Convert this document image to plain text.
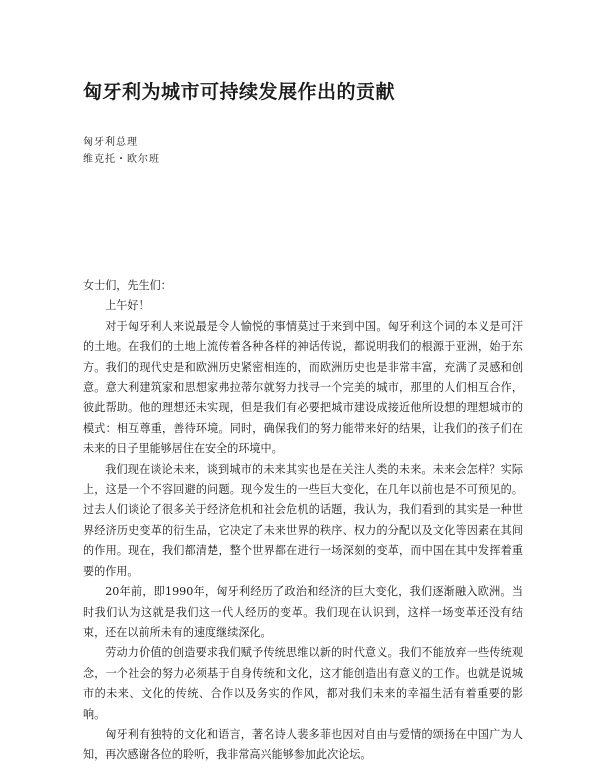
匈牙利为城市可持续发展作出的贡献
匈牙利总理
维克托・欧尔班

女士们，先生们：

上午好！

对于匈牙利人来说最是令人愉悦的事情莫过于来到中国。匈牙利这个词的本义是可汗的土地。在我们的土地上流传着各种各样的神话传说，都说明我们的根源于亚洲，始于东方。我们的现代史是和欧洲历史紧密相连的，而欧洲历史也是非常丰富，充满了灵感和创意。意大利建筑家和思想家弗拉蒂尔就努力找寻一个完美的城市，那里的人们相互合作，彼此帮助。他的理想还未实现，但是我们有必要把城市建设成接近他所设想的理想城市的模式：相互尊重，善待环境。同时，确保我们的努力能带来好的结果，让我们的孩子们在未来的日子里能够居住在安全的环境中。

我们现在谈论未来，谈到城市的未来其实也是在关注人类的未来。未来会怎样？实际上，这是一个不容回避的问题。现今发生的一些巨大变化，在几年以前也是不可预见的。过去人们谈论了很多关于经济危机和社会危机的话题，我认为，我们看到的其实是一种世界经济历史变革的衍生品，它决定了未来世界的秩序、权力的分配以及文化等因素在其间的作用。现在，我们都清楚，整个世界都在进行一场深刻的变革，而中国在其中发挥着重要的作用。

20年前，即1990年，匈牙利经历了政治和经济的巨大变化，我们逐渐融入欧洲。当时我们认为这就是我们这一代人经历的变革。我们现在认识到，这样一场变革还没有结束，还在以前所未有的速度继续深化。

劳动力价值的创造要求我们赋予传统思维以新的时代意义。我们不能放弃一些传统观念，一个社会的努力必须基于自身传统和文化，这才能创造出有意义的工作。也就是说城市的未来、文化的传统、合作以及务实的作风，都对我们未来的幸福生活有着重要的影响。

匈牙利有独特的文化和语言，著名诗人裴多菲也因对自由与爱情的颂扬在中国广为人知，再次感谢各位的聆听，我非常高兴能够参加此次论坛。
